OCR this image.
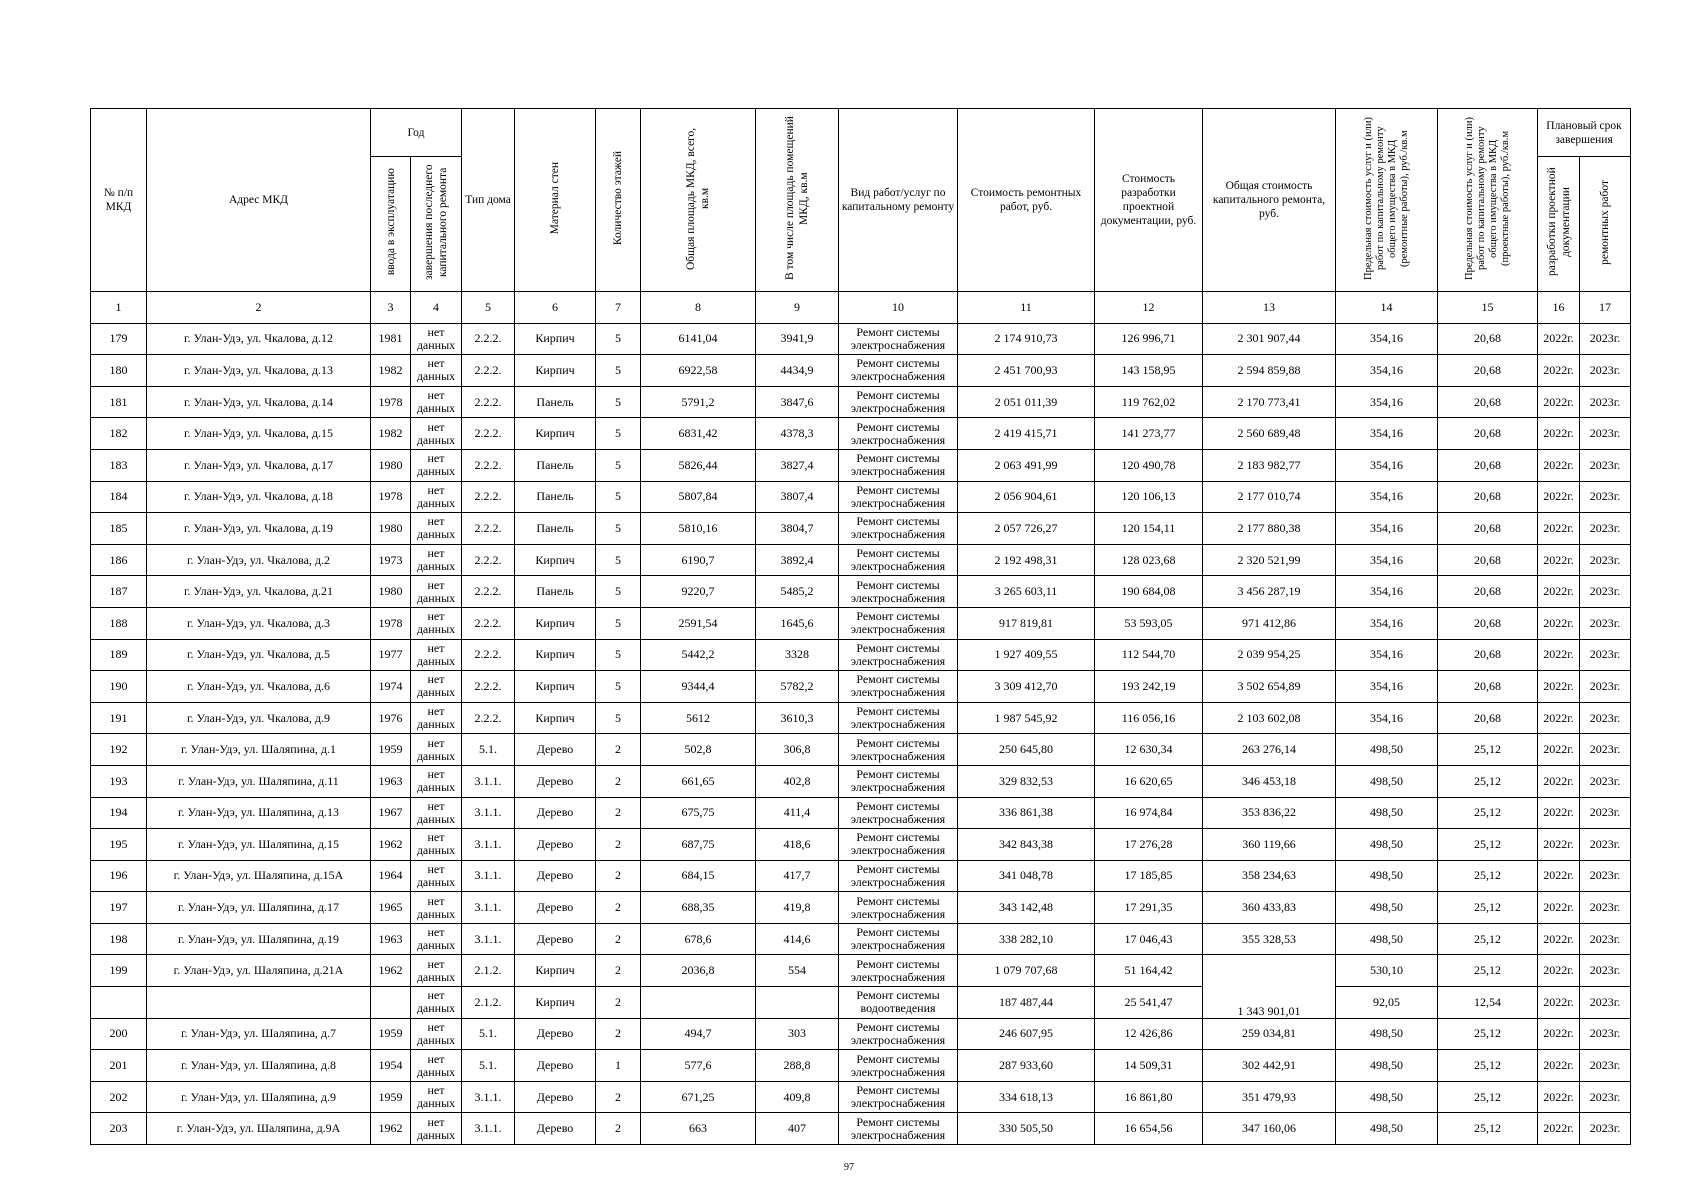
№ п/п МКД	Адрес МКД	Год		Тип дома	Материал стен	Количество этажей	Общая площадь МКД, всего, кв.м	В том числе площадь помещений МКД, кв.м	Вид работ/услуг по капитальному ремонту	Стоимость ремонтных работ, руб.	Стоимость разработки проектной документации, руб.	Общая стоимость капитального ремонта, руб.	Предельная стоимость услуг и (или) работ по капитальному ремонту общего имущества в МКД (ремонтные работы), руб./кв.м	Предельная стоимость услуг и (или) работ по капитальному ремонту общего имущества в МКД (проектные работы), руб./кв.м	Плановый срок завершения	
		ввода в эксплуатацию	завершения последнего капитального ремонта												разработки проектной документации	ремонтных работ
1	2	3	4	5	6	7	8	9	10	11	12	13	14	15	16	17
179	г. Улан-Удэ, ул. Чкалова, д.12	1981	нет данных	2.2.2.	Кирпич	5	6141,04	3941,9	Ремонт системы электроснабжения	2 174 910,73	126 996,71	2 301 907,44	354,16	20,68	2022г.	2023г.
180	г. Улан-Удэ, ул. Чкалова, д.13	1982	нет данных	2.2.2.	Кирпич	5	6922,58	4434,9	Ремонт системы электроснабжения	2 451 700,93	143 158,95	2 594 859,88	354,16	20,68	2022г.	2023г.
181	г. Улан-Удэ, ул. Чкалова, д.14	1978	нет данных	2.2.2.	Панель	5	5791,2	3847,6	Ремонт системы электроснабжения	2 051 011,39	119 762,02	2 170 773,41	354,16	20,68	2022г.	2023г.
182	г. Улан-Удэ, ул. Чкалова, д.15	1982	нет данных	2.2.2.	Кирпич	5	6831,42	4378,3	Ремонт системы электроснабжения	2 419 415,71	141 273,77	2 560 689,48	354,16	20,68	2022г.	2023г.
183	г. Улан-Удэ, ул. Чкалова, д.17	1980	нет данных	2.2.2.	Панель	5	5826,44	3827,4	Ремонт системы электроснабжения	2 063 491,99	120 490,78	2 183 982,77	354,16	20,68	2022г.	2023г.
184	г. Улан-Удэ, ул. Чкалова, д.18	1978	нет данных	2.2.2.	Панель	5	5807,84	3807,4	Ремонт системы электроснабжения	2 056 904,61	120 106,13	2 177 010,74	354,16	20,68	2022г.	2023г.
185	г. Улан-Удэ, ул. Чкалова, д.19	1980	нет данных	2.2.2.	Панель	5	5810,16	3804,7	Ремонт системы электроснабжения	2 057 726,27	120 154,11	2 177 880,38	354,16	20,68	2022г.	2023г.
186	г. Улан-Удэ, ул. Чкалова, д.2	1973	нет данных	2.2.2.	Кирпич	5	6190,7	3892,4	Ремонт системы электроснабжения	2 192 498,31	128 023,68	2 320 521,99	354,16	20,68	2022г.	2023г.
187	г. Улан-Удэ, ул. Чкалова, д.21	1980	нет данных	2.2.2.	Панель	5	9220,7	5485,2	Ремонт системы электроснабжения	3 265 603,11	190 684,08	3 456 287,19	354,16	20,68	2022г.	2023г.
188	г. Улан-Удэ, ул. Чкалова, д.3	1978	нет данных	2.2.2.	Кирпич	5	2591,54	1645,6	Ремонт системы электроснабжения	917 819,81	53 593,05	971 412,86	354,16	20,68	2022г.	2023г.
189	г. Улан-Удэ, ул. Чкалова, д.5	1977	нет данных	2.2.2.	Кирпич	5	5442,2	3328	Ремонт системы электроснабжения	1 927 409,55	112 544,70	2 039 954,25	354,16	20,68	2022г.	2023г.
190	г. Улан-Удэ, ул. Чкалова, д.6	1974	нет данных	2.2.2.	Кирпич	5	9344,4	5782,2	Ремонт системы электроснабжения	3 309 412,70	193 242,19	3 502 654,89	354,16	20,68	2022г.	2023г.
191	г. Улан-Удэ, ул. Чкалова, д.9	1976	нет данных	2.2.2.	Кирпич	5	5612	3610,3	Ремонт системы электроснабжения	1 987 545,92	116 056,16	2 103 602,08	354,16	20,68	2022г.	2023г.
192	г. Улан-Удэ, ул. Шаляпина, д.1	1959	нет данных	5.1.	Дерево	2	502,8	306,8	Ремонт системы электроснабжения	250 645,80	12 630,34	263 276,14	498,50	25,12	2022г.	2023г.
193	г. Улан-Удэ, ул. Шаляпина, д.11	1963	нет данных	3.1.1.	Дерево	2	661,65	402,8	Ремонт системы электроснабжения	329 832,53	16 620,65	346 453,18	498,50	25,12	2022г.	2023г.
194	г. Улан-Удэ, ул. Шаляпина, д.13	1967	нет данных	3.1.1.	Дерево	2	675,75	411,4	Ремонт системы электроснабжения	336 861,38	16 974,84	353 836,22	498,50	25,12	2022г.	2023г.
195	г. Улан-Удэ, ул. Шаляпина, д.15	1962	нет данных	3.1.1.	Дерево	2	687,75	418,6	Ремонт системы электроснабжения	342 843,38	17 276,28	360 119,66	498,50	25,12	2022г.	2023г.
196	г. Улан-Удэ, ул. Шаляпина, д.15А	1964	нет данных	3.1.1.	Дерево	2	684,15	417,7	Ремонт системы электроснабжения	341 048,78	17 185,85	358 234,63	498,50	25,12	2022г.	2023г.
197	г. Улан-Удэ, ул. Шаляпина, д.17	1965	нет данных	3.1.1.	Дерево	2	688,35	419,8	Ремонт системы электроснабжения	343 142,48	17 291,35	360 433,83	498,50	25,12	2022г.	2023г.
198	г. Улан-Удэ, ул. Шаляпина, д.19	1963	нет данных	3.1.1.	Дерево	2	678,6	414,6	Ремонт системы электроснабжения	338 282,10	17 046,43	355 328,53	498,50	25,12	2022г.	2023г.
199	г. Улан-Удэ, ул. Шаляпина, д.21А	1962	нет данных	2.1.2.	Кирпич	2	2036,8	554	Ремонт системы электроснабжения	1 079 707,68	51 164,42	1 343 901,01	530,10	25,12	2022г.	2023г.
			нет данных	2.1.2.	Кирпич	2			Ремонт системы водоотведения	187 487,44	25 541,47		92,05	12,54	2022г.	2023г.
200	г. Улан-Удэ, ул. Шаляпина, д.7	1959	нет данных	5.1.	Дерево	2	494,7	303	Ремонт системы электроснабжения	246 607,95	12 426,86	259 034,81	498,50	25,12	2022г.	2023г.
201	г. Улан-Удэ, ул. Шаляпина, д.8	1954	нет данных	5.1.	Дерево	1	577,6	288,8	Ремонт системы электроснабжения	287 933,60	14 509,31	302 442,91	498,50	25,12	2022г.	2023г.
202	г. Улан-Удэ, ул. Шаляпина, д.9	1959	нет данных	3.1.1.	Дерево	2	671,25	409,8	Ремонт системы электроснабжения	334 618,13	16 861,80	351 479,93	498,50	25,12	2022г.	2023г.
203	г. Улан-Удэ, ул. Шаляпина, д.9А	1962	нет данных	3.1.1.	Дерево	2	663	407	Ремонт системы электроснабжения	330 505,50	16 654,56	347 160,06	498,50	25,12	2022г.	2023г.
97
